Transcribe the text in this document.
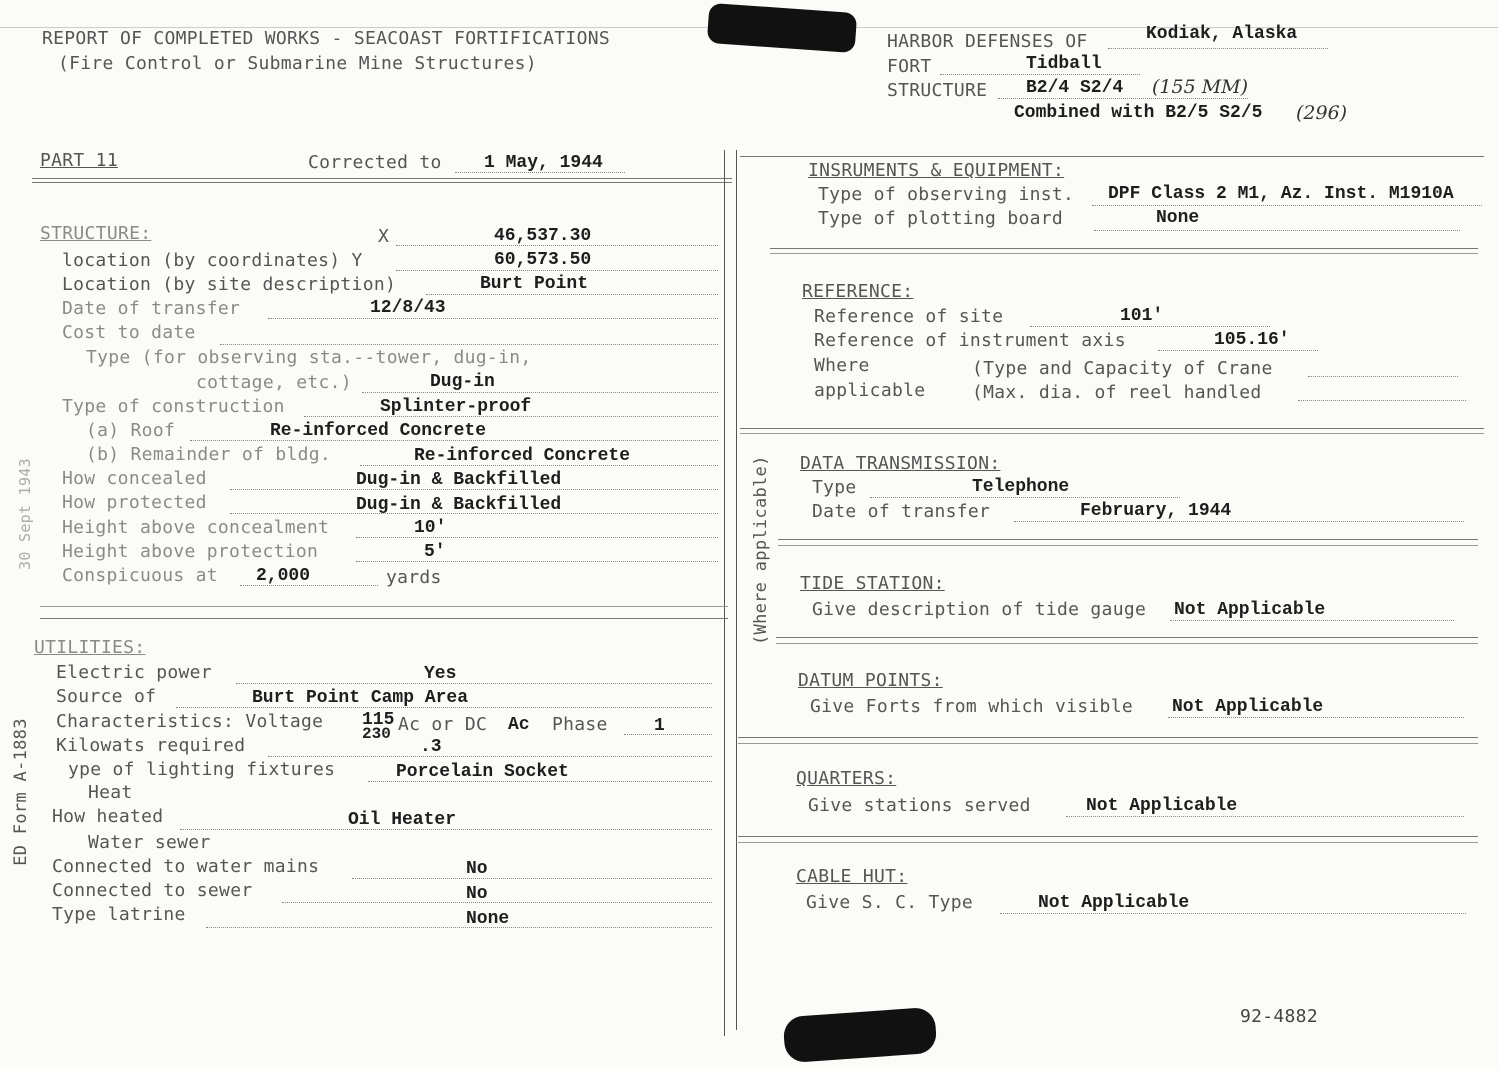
REPORT OF COMPLETED WORKS - SEACOAST FORTIFICATIONS
(Fire Control or Submarine Mine Structures)
HARBOR DEFENSES OF	Kodiak, Alaska
FORT	Tidball
STRUCTURE B2/4 S2/4 (155 MM)
Combined with B2/5 S2/5 (296)
PART 11	Corrected to 1 May, 1944
STRUCTURE:	X	46,537.30
location (by coordinates) Y	60,573.50
Location (by site description)	Burt Point
Date of transfer	12/8/43
Cost to date
Type (for observing sta.--tower, dug-in,
cottage, etc.)	Dug-in
Type of construction	Splinter-proof
(a) Roof	Re-inforced Concrete
(b) Remainder of bldg.	Re-inforced Concrete
How concealed	Dug-in & Backfilled
How protected	Dug-in & Backfilled
Height above concealment	10'
Height above protection	5'
Conspicuous at 2,000	yards
UTILITIES:
Electric power	Yes
Source of	Burt Point Camp Area
Characteristics: Voltage 115
230 Ac or DC Ac Phase	1
Kilowats required	.3
ype of lighting fixtures	Porcelain Socket
Heat
How heated	Oil Heater
Water sewer
Connected to water mains	No
Connected to sewer	No
Type latrine	None
ED Form A-1883
30 Sept 1943	(Where applicable)
INSRUMENTS & EQUIPMENT:
Type of observing inst. DPF Class 2 M1, Az. Inst. M1910A
Type of plotting board	None
REFERENCE:
Reference of site	101'
Reference of instrument axis	105.16'
Where	(Type and Capacity of Crane
applicable	(Max. dia. of reel handled
DATA TRANSMISSION:
Type	Telephone
Date of transfer	February, 1944
TIDE STATION:
Give description of tide gauge Not Applicable
DATUM POINTS:
Give Forts from which visible Not Applicable
QUARTERS:
Give stations served	Not Applicable
CABLE HUT:
Give S. C. Type	Not Applicable
92-4882
